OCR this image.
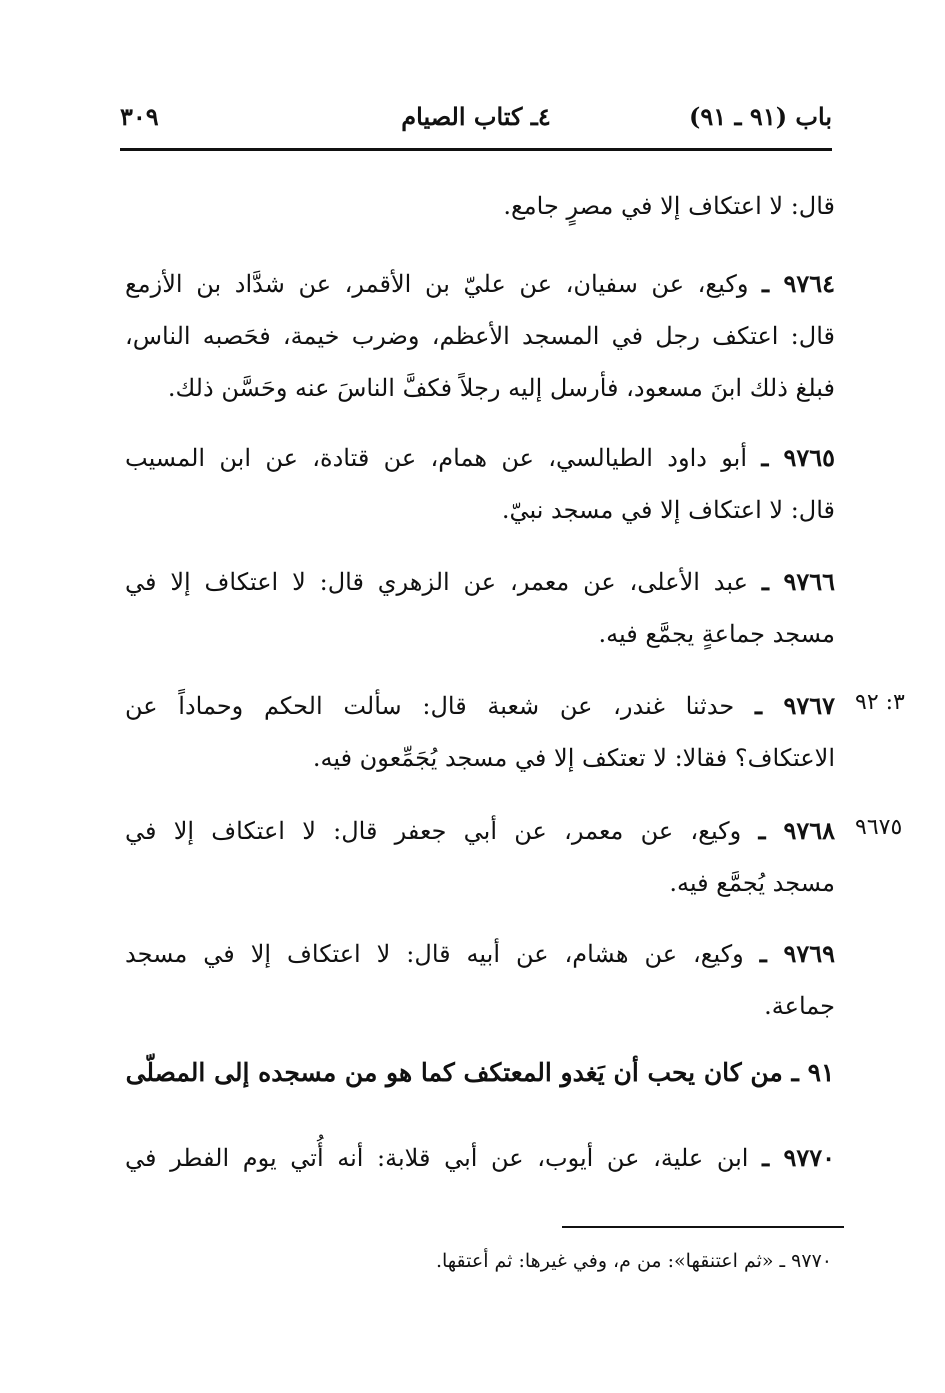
باب (٩١ ـ ٩١)
٤ـ كتاب الصيام
٣٠٩
قال: لا اعتكاف إلا في مصرٍ جامع.
٩٧٦٤ ـ وكيع، عن سفيان، عن عليّ بن الأقمر، عن شدَّاد بن الأزمع
قال: اعتكف رجل في المسجد الأعظم، وضرب خيمة، فحَصبه الناس،
فبلغ ذلك ابنَ مسعود، فأرسل إليه رجلاً فكفَّ الناسَ عنه وحَسَّن ذلك.
٩٧٦٥ ـ أبو داود الطيالسي، عن همام، عن قتادة، عن ابن المسيب
قال: لا اعتكاف إلا في مسجد نبيّ.
٩٧٦٦ ـ عبد الأعلى، عن معمر، عن الزهري قال: لا اعتكاف إلا في
مسجد جماعةٍ يجمَّع فيه.
٣: ٩٢
٩٧٦٧ ـ حدثنا غندر، عن شعبة قال: سألت الحكم وحماداً عن
الاعتكاف؟ فقالا: لا تعتكف إلا في مسجد يُجَمِّعون فيه.
٩٦٧٥
٩٧٦٨ ـ وكيع، عن معمر، عن أبي جعفر قال: لا اعتكاف إلا في
مسجد يُجمَّع فيه.
٩٧٦٩ ـ وكيع، عن هشام، عن أبيه قال: لا اعتكاف إلا في مسجد
جماعة.
٩١ ـ من كان يحب أن يَغدو المعتكف كما هو من مسجده إلى المصلّى
٩٧٧٠ ـ ابن علية، عن أيوب، عن أبي قلابة: أنه أُتي يوم الفطر في
٩٧٧٠ ـ «ثم اعتنقها»: من م، وفي غيرها: ثم أعتقها.
